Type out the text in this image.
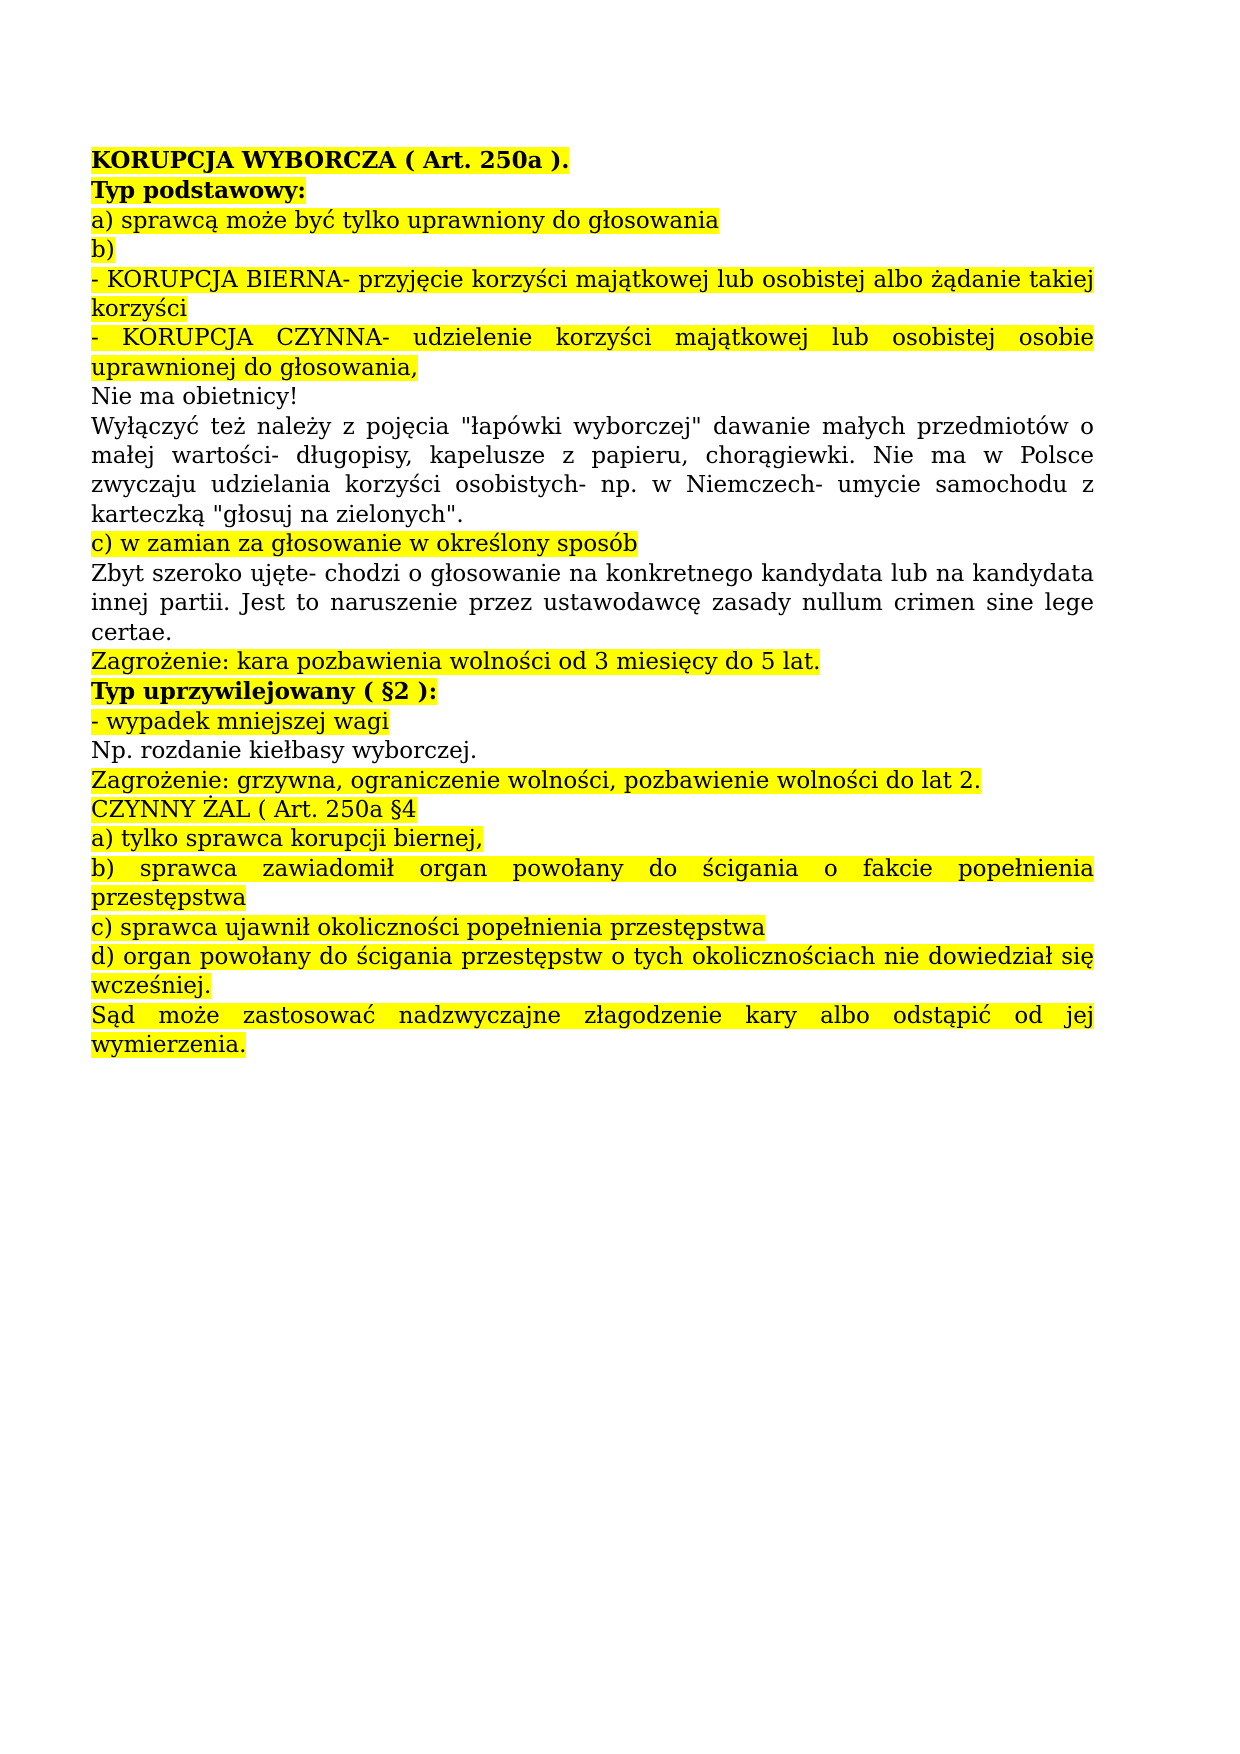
KORUPCJA WYBORCZA ( Art. 250a ).
Typ podstawowy:
a) sprawcą może być tylko uprawniony do głosowania
b)
- KORUPCJA BIERNA- przyjęcie korzyści majątkowej lub osobistej albo żądanie takiej korzyści
- KORUPCJA CZYNNA- udzielenie korzyści majątkowej lub osobistej osobie uprawnionej do głosowania,
Nie ma obietnicy!
Wyłączyć też należy z pojęcia "łapówki wyborczej" dawanie małych przedmiotów o małej wartości- długopisy, kapelusze z papieru, chorągiewki. Nie ma w Polsce zwyczaju udzielania korzyści osobistych- np. w Niemczech- umycie samochodu z karteczką "głosuj na zielonych".
c) w zamian za głosowanie w określony sposób
Zbyt szeroko ujęte- chodzi o głosowanie na konkretnego kandydata lub na kandydata innej partii. Jest to naruszenie przez ustawodawcę zasady nullum crimen sine lege certae.
Zagrożenie: kara pozbawienia wolności od 3 miesięcy do 5 lat.
Typ uprzywilejowany ( §2 ):
- wypadek mniejszej wagi
Np. rozdanie kiełbasy wyborczej.
Zagrożenie: grzywna, ograniczenie wolności, pozbawienie wolności do lat 2.
CZYNNY ŻAL ( Art. 250a §4
a) tylko sprawca korupcji biernej,
b) sprawca zawiadomił organ powołany do ścigania o fakcie popełnienia przestępstwa
c) sprawca ujawnił okoliczności popełnienia przestępstwa
d) organ powołany do ścigania przestępstw o tych okolicznościach nie dowiedział się wcześniej.
Sąd może zastosować nadzwyczajne złagodzenie kary albo odstąpić od jej wymierzenia.
